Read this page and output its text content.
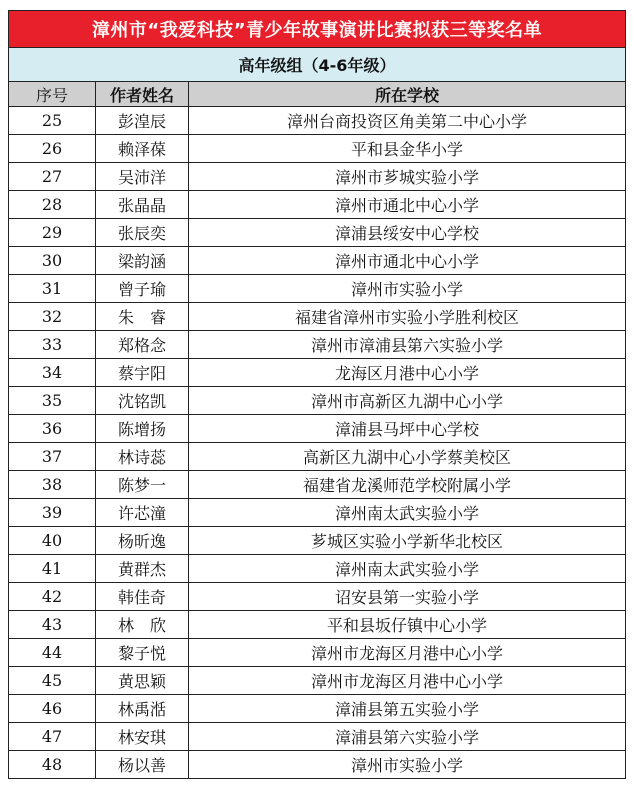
漳州市“我爱科技”青少年故事演讲比赛拟获三等奖名单		
高年级组（4-6年级）		
序号	作者姓名	所在学校
25	彭湟辰	漳州台商投资区角美第二中心小学
26	赖泽葆	平和县金华小学
27	吴沛洋	漳州市芗城实验小学
28	张晶晶	漳州市通北中心小学
29	张辰奕	漳浦县绥安中心学校
30	梁韵涵	漳州市通北中心小学
31	曾子瑜	漳州市实验小学
32	朱　睿	福建省漳州市实验小学胜利校区
33	郑格念	漳州市漳浦县第六实验小学
34	蔡宇阳	龙海区月港中心小学
35	沈铭凯	漳州市高新区九湖中心小学
36	陈增扬	漳浦县马坪中心学校
37	林诗蕊	高新区九湖中心小学蔡美校区
38	陈梦一	福建省龙溪师范学校附属小学
39	许芯潼	漳州南太武实验小学
40	杨昕逸	芗城区实验小学新华北校区
41	黄群杰	漳州南太武实验小学
42	韩佳奇	诏安县第一实验小学
43	林　欣	平和县坂仔镇中心小学
44	黎子悦	漳州市龙海区月港中心小学
45	黄思颖	漳州市龙海区月港中心小学
46	林禹湉	漳浦县第五实验小学
47	林安琪	漳浦县第六实验小学
48	杨以善	漳州市实验小学
